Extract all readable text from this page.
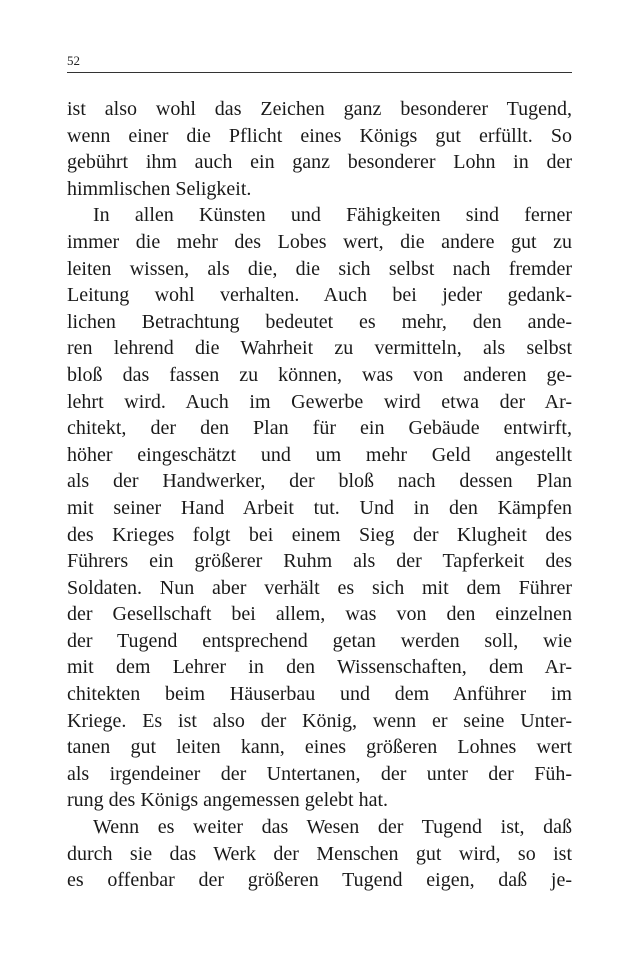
52
ist also wohl das Zeichen ganz besonderer Tugend,
wenn einer die Pflicht eines Königs gut erfüllt. So
gebührt ihm auch ein ganz besonderer Lohn in der
himmlischen Seligkeit.
In allen Künsten und Fähigkeiten sind ferner
immer die mehr des Lobes wert, die andere gut zu
leiten wissen, als die, die sich selbst nach fremder
Leitung wohl verhalten. Auch bei jeder gedank-
lichen Betrachtung bedeutet es mehr, den ande-
ren lehrend die Wahrheit zu vermitteln, als selbst
bloß das fassen zu können, was von anderen ge-
lehrt wird. Auch im Gewerbe wird etwa der Ar-
chitekt, der den Plan für ein Gebäude entwirft,
höher eingeschätzt und um mehr Geld angestellt
als der Handwerker, der bloß nach dessen Plan
mit seiner Hand Arbeit tut. Und in den Kämpfen
des Krieges folgt bei einem Sieg der Klugheit des
Führers ein größerer Ruhm als der Tapferkeit des
Soldaten. Nun aber verhält es sich mit dem Führer
der Gesellschaft bei allem, was von den einzelnen
der Tugend entsprechend getan werden soll, wie
mit dem Lehrer in den Wissenschaften, dem Ar-
chitekten beim Häuserbau und dem Anführer im
Kriege. Es ist also der König, wenn er seine Unter-
tanen gut leiten kann, eines größeren Lohnes wert
als irgendeiner der Untertanen, der unter der Füh-
rung des Königs angemessen gelebt hat.
Wenn es weiter das Wesen der Tugend ist, daß
durch sie das Werk der Menschen gut wird, so ist
es offenbar der größeren Tugend eigen, daß je-
